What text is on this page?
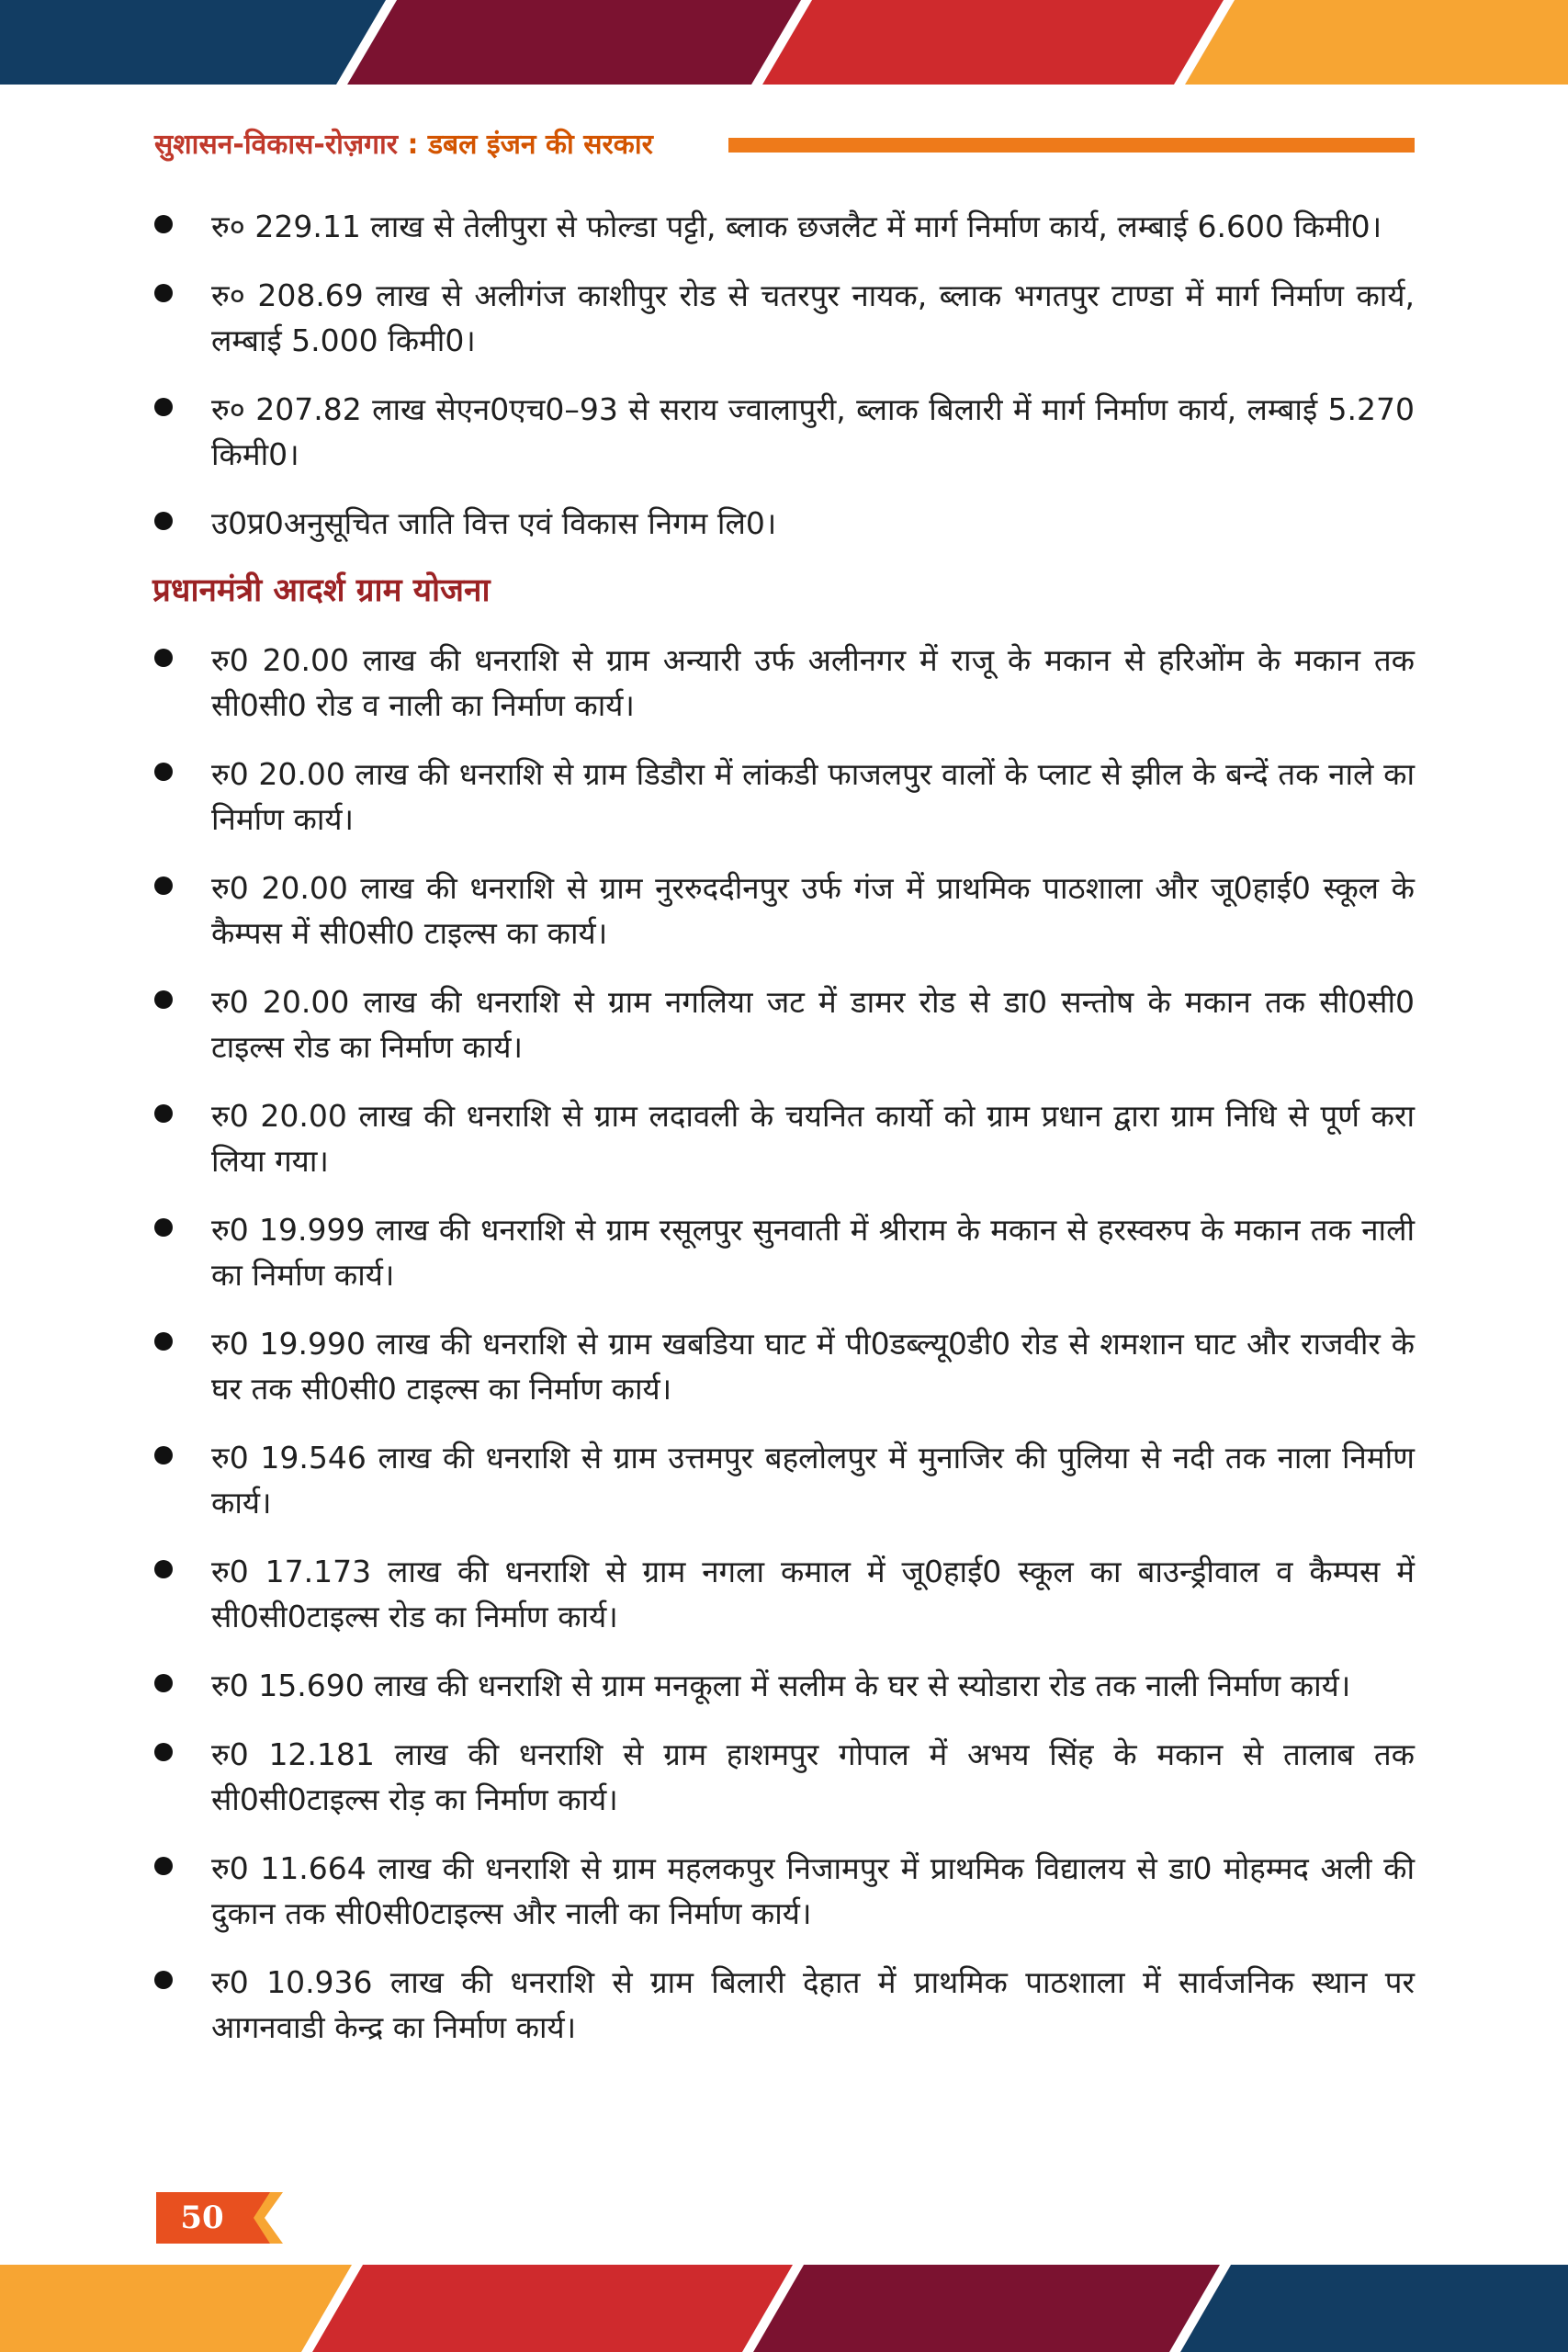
सुशासन-विकास-रोज़गार : डबल इंजन की सरकार
रु० 229.11 लाख से तेलीपुरा से फोल्डा पट्टी, ब्लाक छजलैट में मार्ग निर्माण कार्य, लम्बाई 6.600 किमी0।
रु० 208.69 लाख से अलीगंज काशीपुर रोड से चतरपुर नायक, ब्लाक भगतपुर टाण्डा में मार्ग निर्माण कार्य, लम्बाई 5.000 किमी0।
रु० 207.82 लाख सेएन0एच0–93 से सराय ज्वालापुरी, ब्लाक बिलारी में मार्ग निर्माण कार्य, लम्बाई 5.270 किमी0।
उ0प्र0अनुसूचित जाति वित्त एवं विकास निगम लि0।
प्रधानमंत्री आदर्श ग्राम योजना
रु0 20.00 लाख की धनराशि से ग्राम अन्यारी उर्फ अलीनगर में राजू के मकान से हरिओंम के मकान तक सी0सी0 रोड व नाली का निर्माण कार्य।
रु0 20.00 लाख की धनराशि से ग्राम डिडौरा में लांकडी फाजलपुर वालों के प्लाट से झील के बन्दें तक नाले का निर्माण कार्य।
रु0 20.00 लाख की धनराशि से ग्राम नुररुददीनपुर उर्फ गंज में प्राथमिक पाठशाला और जू0हाई0 स्कूल के कैम्पस में सी0सी0 टाइल्स का कार्य।
रु0 20.00 लाख की धनराशि से ग्राम नगलिया जट में डामर रोड से डा0 सन्तोष के मकान तक सी0सी0 टाइल्स रोड का निर्माण कार्य।
रु0 20.00 लाख की धनराशि से ग्राम लदावली के चयनित कार्यो को ग्राम प्रधान द्वारा ग्राम निधि से पूर्ण करा लिया गया।
रु0 19.999 लाख की धनराशि से ग्राम रसूलपुर सुनवाती में श्रीराम के मकान से हरस्वरुप के मकान तक नाली का निर्माण कार्य।
रु0 19.990 लाख की धनराशि से ग्राम खबडिया घाट में पी0डब्ल्यू0डी0 रोड से शमशान घाट और राजवीर के घर तक सी0सी0 टाइल्स का निर्माण कार्य।
रु0 19.546 लाख की धनराशि से ग्राम उत्तमपुर बहलोलपुर में मुनाजिर की पुलिया से नदी तक नाला निर्माण कार्य।
रु0 17.173 लाख की धनराशि से ग्राम नगला कमाल में जू0हाई0 स्कूल का बाउन्ड्रीवाल व कैम्पस में सी0सी0टाइल्स रोड का निर्माण कार्य।
रु0 15.690 लाख की धनराशि से ग्राम मनकूला में सलीम के घर से स्योडारा रोड तक नाली निर्माण कार्य।
रु0 12.181 लाख की धनराशि से ग्राम हाशमपुर गोपाल में अभय सिंह के मकान से तालाब तक सी0सी0टाइल्स रोड़ का निर्माण कार्य।
रु0 11.664 लाख की धनराशि से ग्राम महलकपुर निजामपुर में प्राथमिक विद्यालय से डा0 मोहम्मद अली की दुकान तक सी0सी0टाइल्स और नाली का निर्माण कार्य।
रु0 10.936 लाख की धनराशि से ग्राम बिलारी देहात में प्राथमिक पाठशाला में सार्वजनिक स्थान पर आगनवाडी केन्द्र का निर्माण कार्य।
50
